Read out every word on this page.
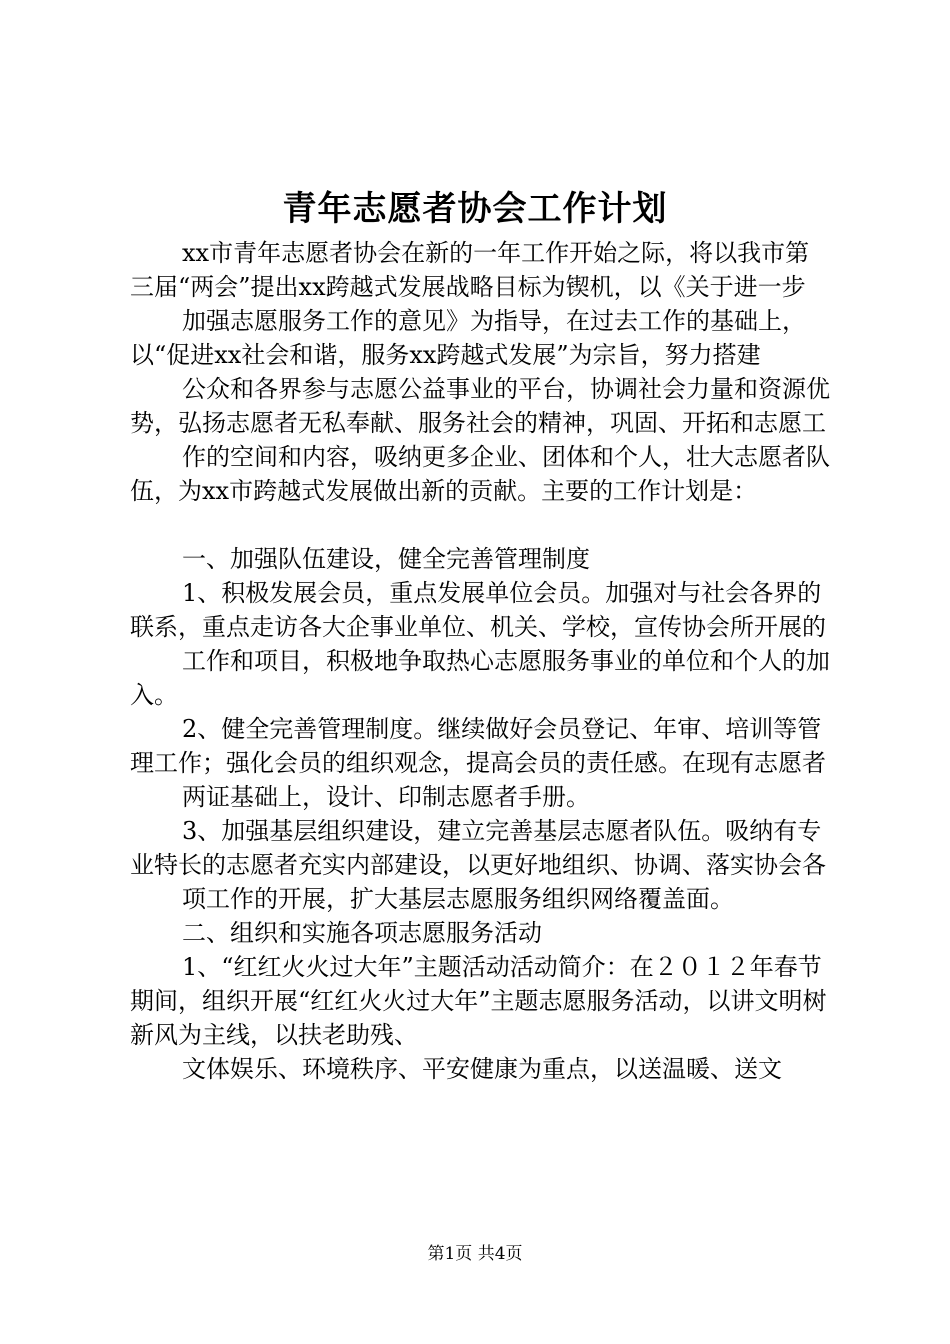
青年志愿者协会工作计划

xx市青年志愿者协会在新的一年工作开始之际，将以我市第三届“两会”提出xx跨越式发展战略目标为锲机，以《关于进一步

加强志愿服务工作的意见》为指导，在过去工作的基础上，以“促进xx社会和谐，服务xx跨越式发展”为宗旨，努力搭建

公众和各界参与志愿公益事业的平台，协调社会力量和资源优势，弘扬志愿者无私奉献、服务社会的精神，巩固、开拓和志愿工

作的空间和内容，吸纳更多企业、团体和个人，壮大志愿者队伍，为xx市跨越式发展做出新的贡献。主要的工作计划是：

一、加强队伍建设，健全完善管理制度

1、积极发展会员，重点发展单位会员。加强对与社会各界的联系，重点走访各大企事业单位、机关、学校，宣传协会所开展的

工作和项目，积极地争取热心志愿服务事业的单位和个人的加入。

2、健全完善管理制度。继续做好会员登记、年审、培训等管理工作；强化会员的组织观念，提高会员的责任感。在现有志愿者

两证基础上，设计、印制志愿者手册。

3、加强基层组织建设，建立完善基层志愿者队伍。吸纳有专业特长的志愿者充实内部建设，以更好地组织、协调、落实协会各

项工作的开展，扩大基层志愿服务组织网络覆盖面。

二、组织和实施各项志愿服务活动

1、“红红火火过大年”主题活动活动简介：在２０１２年春节期间，组织开展“红红火火过大年”主题志愿服务活动，以讲文明树新风为主线，以扶老助残、

文体娱乐、环境秩序、平安健康为重点，以送温暖、送文

第1页 共4页
